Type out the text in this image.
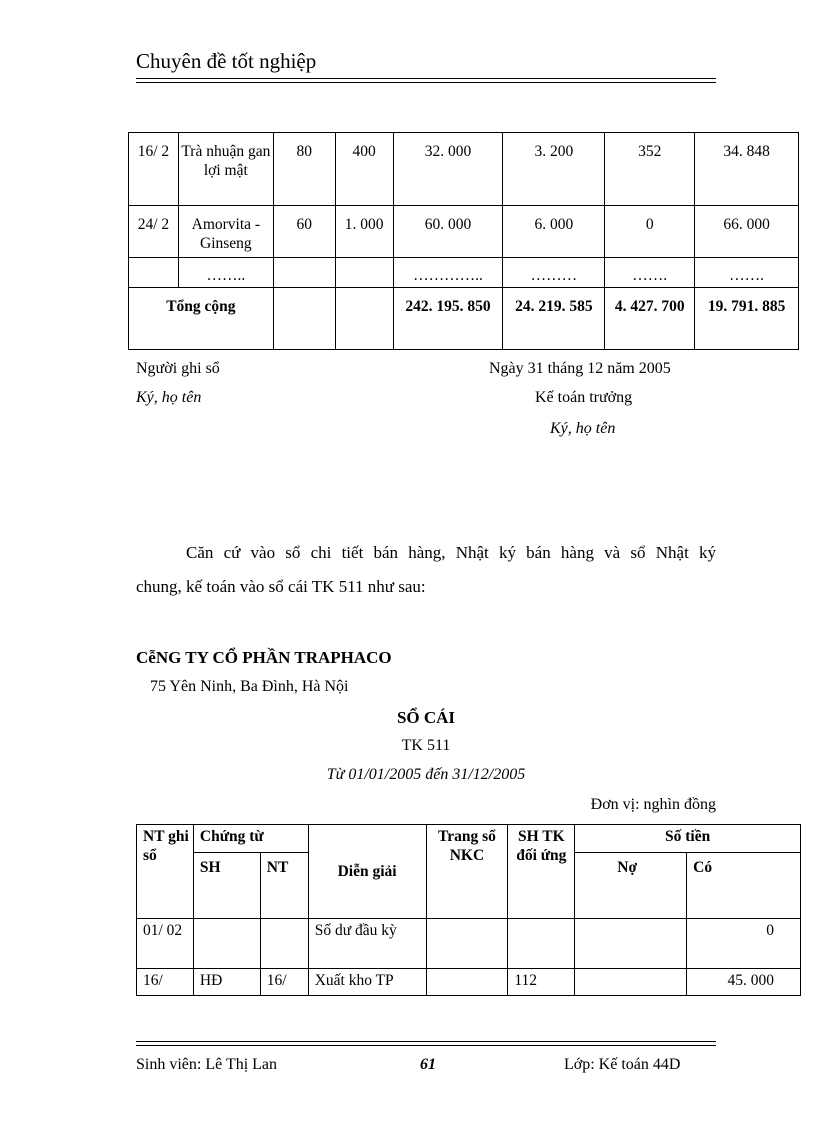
Chuyên đề tốt nghiệp
16/ 2	Trà nhuận gan lợi mật	80	400	32. 000	3. 200	352	34. 848
24/ 2	Amorvita - Ginseng	60	1. 000	60. 000	6. 000	0	66. 000
	……..			…………..	………	…….	…….
Tổng cộng				242. 195. 850	24. 219. 585	4. 427. 700	19. 791. 885
Người ghi sổ
Ký, họ tên
Ngày 31 tháng 12 năm 2005
Kế toán trưởng
Ký, họ tên
Căn cứ vào sổ chi tiết bán hàng, Nhật ký bán hàng và sổ Nhật ký
chung, kế toán vào sổ cái TK 511 như sau:
CễNG TY CỔ PHẦN TRAPHACO
75 Yên Ninh, Ba Đình, Hà Nội
SỔ CÁI
TK 511
Từ 01/01/2005 đến 31/12/2005
Đơn vị: nghìn đồng
NT ghi sổ	Chứng từ		Diễn giải	Trang sổ NKC	SH TK đối ứng	Số tiền	
	SH	NT				Nợ	Có
01/ 02			Số dư đầu kỳ				0
16/	HĐ	16/	Xuất kho TP		112		45. 000
Sinh viên: Lê Thị Lan	61	Lớp: Kế toán 44D
